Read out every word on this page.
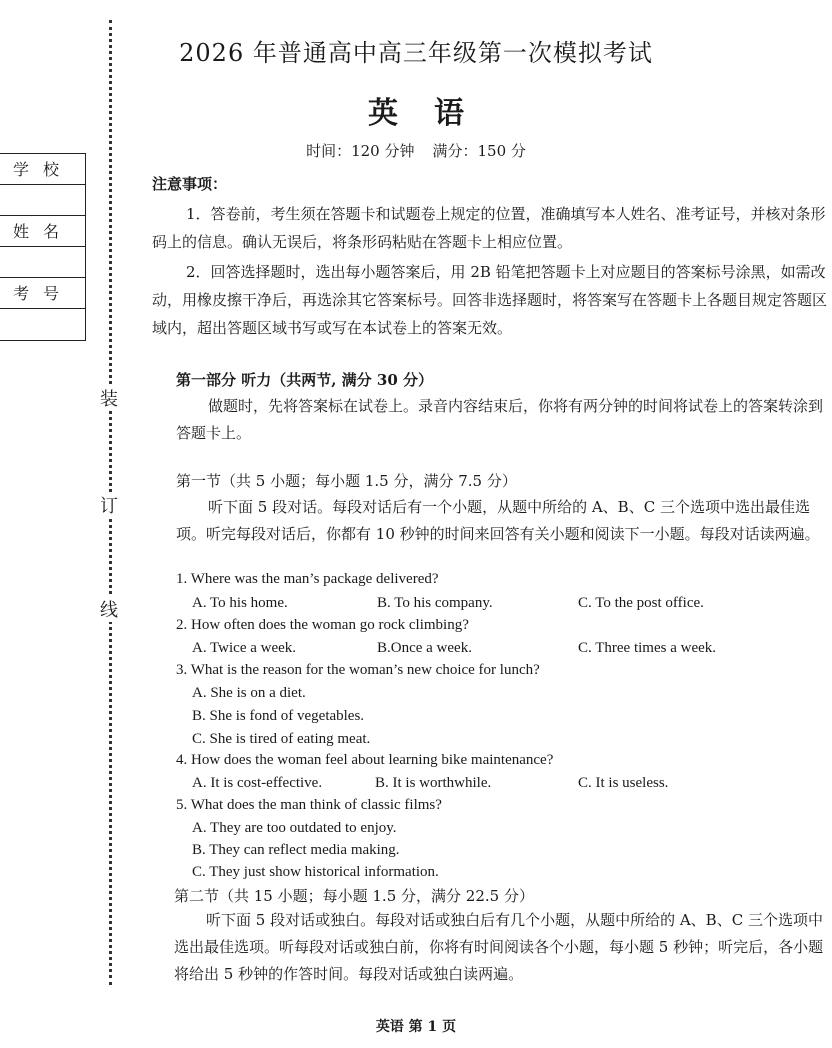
2026 年普通高中高三年级第一次模拟考试
英 语
时间：120 分钟 满分：150 分
学校
姓名
考号
装
订
线
注意事项：

1．答卷前，考生须在答题卡和试题卷上规定的位置，准确填写本人姓名、准考证号，并核对条形码上的信息。确认无误后，将条形码粘贴在答题卡上相应位置。

2．回答选择题时，选出每小题答案后，用 2B 铅笔把答题卡上对应题目的答案标号涂黑，如需改动，用橡皮擦干净后，再选涂其它答案标号。回答非选择题时，将答案写在答题卡上各题目规定答题区域内，超出答题区域书写或写在本试卷上的答案无效。

第一部分 听力（共两节, 满分 30 分）

做题时，先将答案标在试卷上。录音内容结束后，你将有两分钟的时间将试卷上的答案转涂到答题卡上。

第一节（共 5 小题；每小题 1.5 分，满分 7.5 分）

听下面 5 段对话。每段对话后有一个小题，从题中所给的 A、B、C 三个选项中选出最佳选项。听完每段对话后，你都有 10 秒钟的时间来回答有关小题和阅读下一小题。每段对话读两遍。

1. Where was the man’s package delivered?
A. To his home.	B. To his company.	C. To the post office.
2. How often does the woman go rock climbing?
A. Twice a week.	B.Once a week.	C. Three times a week.
3. What is the reason for the woman’s new choice for lunch?
A. She is on a diet.
B. She is fond of vegetables.
C. She is tired of eating meat.
4. How does the woman feel about learning bike maintenance?
A. It is cost-effective.	B. It is worthwhile.	C. It is useless.
5. What does the man think of classic films?
A. They are too outdated to enjoy.
B. They can reflect media making.
C. They just show historical information.
第二节（共 15 小题；每小题 1.5 分，满分 22.5 分）

听下面 5 段对话或独白。每段对话或独白后有几个小题，从题中所给的 A、B、C 三个选项中选出最佳选项。听每段对话或独白前，你将有时间阅读各个小题，每小题 5 秒钟；听完后，各小题将给出 5 秒钟的作答时间。每段对话或独白读两遍。

英语 第 1 页
